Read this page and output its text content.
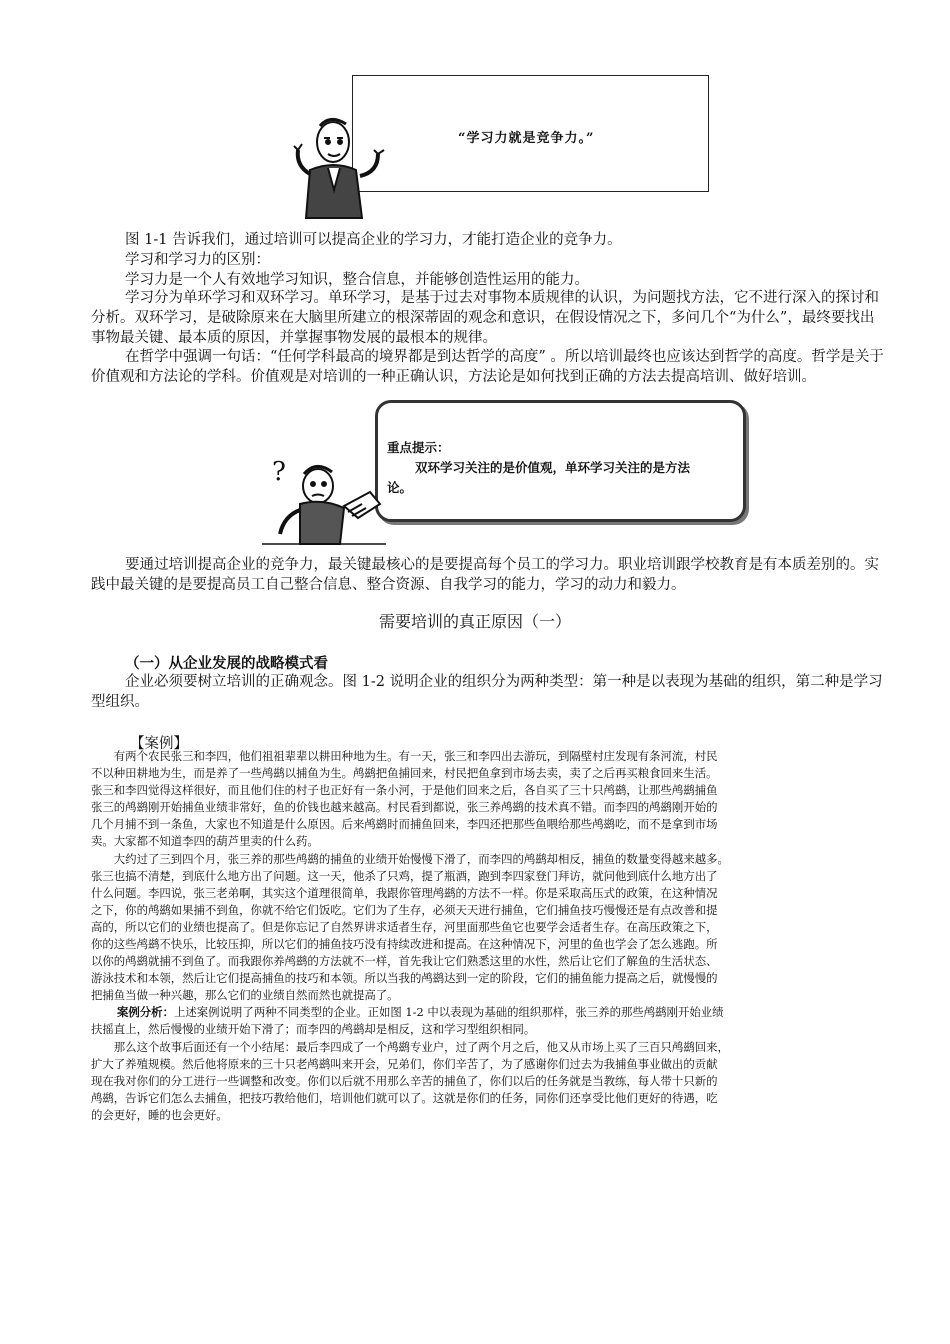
“学习力就是竞争力。”
图 1-1 告诉我们，通过培训可以提高企业的学习力，才能打造企业的竞争力。
学习和学习力的区别：
学习力是一个人有效地学习知识，整合信息，并能够创造性运用的能力。
学习分为单环学习和双环学习。单环学习，是基于过去对事物本质规律的认识，为问题找方法，它不进行深入的探讨和分析。双环学习，是破除原来在大脑里所建立的根深蒂固的观念和意识，在假设情况之下，多问几个“为什么”，最终要找出事物最关键、最本质的原因，并掌握事物发展的最根本的规律。
在哲学中强调一句话：“任何学科最高的境界都是到达哲学的高度” 。所以培训最终也应该达到哲学的高度。哲学是关于价值观和方法论的学科。价值观是对培训的一种正确认识，方法论是如何找到正确的方法去提高培训、做好培训。
重点提示：
双环学习关注的是价值观，单环学习关注的是方法
论。
?
要通过培训提高企业的竞争力，最关键最核心的是要提高每个员工的学习力。职业培训跟学校教育是有本质差别的。实践中最关键的是要提高员工自己整合信息、整合资源、自我学习的能力，学习的动力和毅力。
需要培训的真正原因（一）
（一）从企业发展的战略模式看
企业必须要树立培训的正确观念。图 1-2 说明企业的组织分为两种类型：第一种是以表现为基础的组织，第二种是学习型组织。
【案例】
　　有两个农民张三和李四，他们祖祖辈辈以耕田种地为生。有一天，张三和李四出去游玩，到隔壁村庄发现有条河流，村民
不以种田耕地为生，而是养了一些鸬鹚以捕鱼为生。鸬鹚把鱼捕回来，村民把鱼拿到市场去卖，卖了之后再买粮食回来生活。
张三和李四觉得这样很好，而且他们住的村子也正好有一条小河，于是他们回来之后，各自买了三十只鸬鹚，让那些鸬鹚捕鱼
张三的鸬鹚刚开始捕鱼业绩非常好，鱼的价钱也越来越高。村民看到都说，张三养鸬鹚的技术真不错。而李四的鸬鹚刚开始的
几个月捕不到一条鱼，大家也不知道是什么原因。后来鸬鹚时而捕鱼回来，李四还把那些鱼喂给那些鸬鹚吃，而不是拿到市场
卖。大家都不知道李四的葫芦里卖的什么药。
　　大约过了三到四个月，张三养的那些鸬鹚的捕鱼的业绩开始慢慢下滑了，而李四的鸬鹚却相反，捕鱼的数量变得越来越多。
张三也搞不清楚，到底什么地方出了问题。这一天，他杀了只鸡，提了瓶酒，跑到李四家登门拜访，就问他到底什么地方出了
什么问题。李四说，张三老弟啊，其实这个道理很简单，我跟你管理鸬鹚的方法不一样。你是采取高压式的政策，在这种情况
之下，你的鸬鹚如果捕不到鱼，你就不给它们饭吃。它们为了生存，必须天天进行捕鱼，它们捕鱼技巧慢慢还是有点改善和提
高的，所以它们的业绩也提高了。但是你忘记了自然界讲求适者生存，河里面那些鱼它也要学会适者生存。在高压政策之下，
你的这些鸬鹚不快乐，比较压抑，所以它们的捕鱼技巧没有持续改进和提高。在这种情况下，河里的鱼也学会了怎么逃跑。所
以你的鸬鹚就捕不到鱼了。而我跟你养鸬鹚的方法就不一样，首先我让它们熟悉这里的水性，然后让它们了解鱼的生活状态、
游泳技术和本领，然后让它们提高捕鱼的技巧和本领。所以当我的鸬鹚达到一定的阶段，它们的捕鱼能力提高之后，就慢慢的
把捕鱼当做一种兴趣，那么它们的业绩自然而然也就提高了。
案例分析：上述案例说明了两种不同类型的企业。正如图 1-2 中以表现为基础的组织那样，张三养的那些鸬鹚刚开始业绩
扶摇直上，然后慢慢的业绩开始下滑了；而李四的鸬鹚却是相反，这和学习型组织相同。
　　那么这个故事后面还有一个小结尾：最后李四成了一个鸬鹚专业户，过了两个月之后，他又从市场上买了三百只鸬鹚回来，
扩大了养殖规模。然后他将原来的三十只老鸬鹚叫来开会，兄弟们，你们辛苦了，为了感谢你们过去为我捕鱼事业做出的贡献
现在我对你们的分工进行一些调整和改变。你们以后就不用那么辛苦的捕鱼了，你们以后的任务就是当教练，每人带十只新的
鸬鹚，告诉它们怎么去捕鱼，把技巧教给他们，培训他们就可以了。这就是你们的任务，同你们还享受比他们更好的待遇，吃
的会更好，睡的也会更好。
